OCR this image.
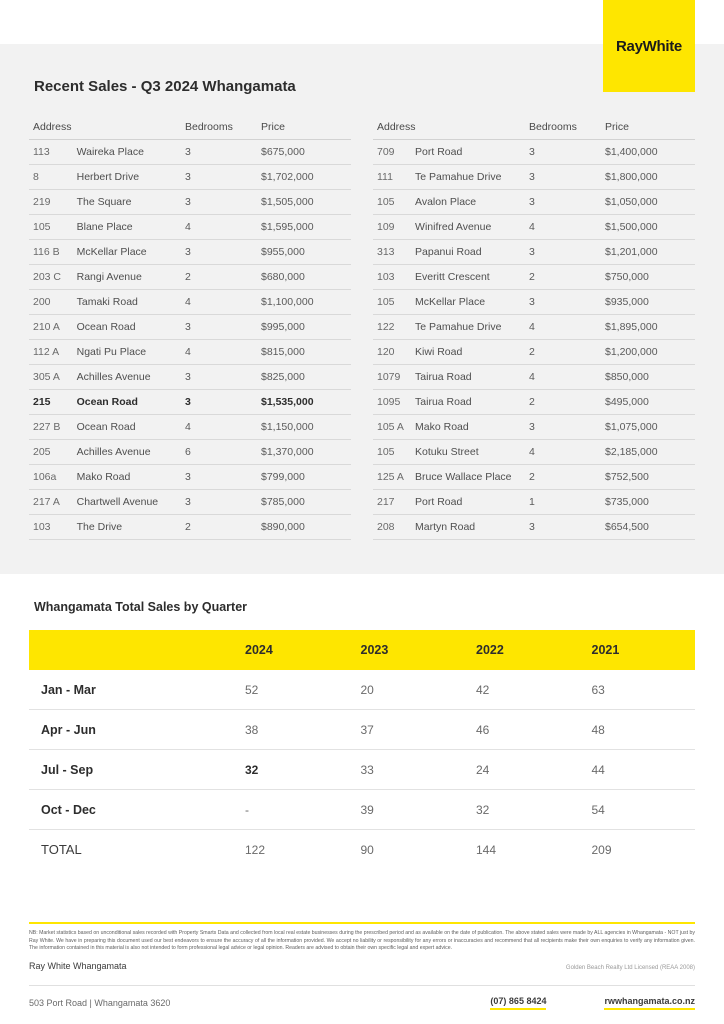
RayWhite
Recent Sales - Q3 2024 Whangamata
Address		Bedrooms	Price
113	Waireka Place	3	$675,000
8	Herbert Drive	3	$1,702,000
219	The Square	3	$1,505,000
105	Blane Place	4	$1,595,000
116 B	McKellar Place	3	$955,000
203 C	Rangi Avenue	2	$680,000
200	Tamaki Road	4	$1,100,000
210 A	Ocean Road	3	$995,000
112 A	Ngati Pu Place	4	$815,000
305 A	Achilles Avenue	3	$825,000
215	Ocean Road	3	$1,535,000
227 B	Ocean Road	4	$1,150,000
205	Achilles Avenue	6	$1,370,000
106a	Mako Road	3	$799,000
217 A	Chartwell Avenue	3	$785,000
103	The Drive	2	$890,000
Address		Bedrooms	Price
709	Port Road	3	$1,400,000
111	Te Pamahue Drive	3	$1,800,000
105	Avalon Place	3	$1,050,000
109	Winifred Avenue	4	$1,500,000
313	Papanui Road	3	$1,201,000
103	Everitt Crescent	2	$750,000
105	McKellar Place	3	$935,000
122	Te Pamahue Drive	4	$1,895,000
120	Kiwi Road	2	$1,200,000
1079	Tairua Road	4	$850,000
1095	Tairua Road	2	$495,000
105 A	Mako Road	3	$1,075,000
105	Kotuku Street	4	$2,185,000
125 A	Bruce Wallace Place	2	$752,500
217	Port Road	1	$735,000
208	Martyn Road	3	$654,500
Whangamata Total Sales by Quarter
	2024	2023	2022	2021
Jan - Mar	52	20	42	63
Apr - Jun	38	37	46	48
Jul - Sep	32	33	24	44
Oct - Dec	-	39	32	54
TOTAL	122	90	144	209
NB: Market statistics based on unconditional sales recorded with Property Smarts Data and collected from local real estate businesses during the prescribed period and as available on the date of publication. The above stated sales were made by ALL agencies in Whangamata - NOT just by Ray White. We have in preparing this document used our best endeavors to ensure the accuracy of all the information provided. We accept no liability or responsibility for any errors or inaccuracies and recommend that all recipients make their own enquiries to verify any information given. The information contained in this material is also not intended to form professional legal advice or legal opinion. Readers are advised to obtain their own specific legal and expert advice.
Ray White Whangamata	Golden Beach Realty Ltd Licensed (REAA 2008)
503 Port Road | Whangamata 3620	(07) 865 8424	rwwhangamata.co.nz
